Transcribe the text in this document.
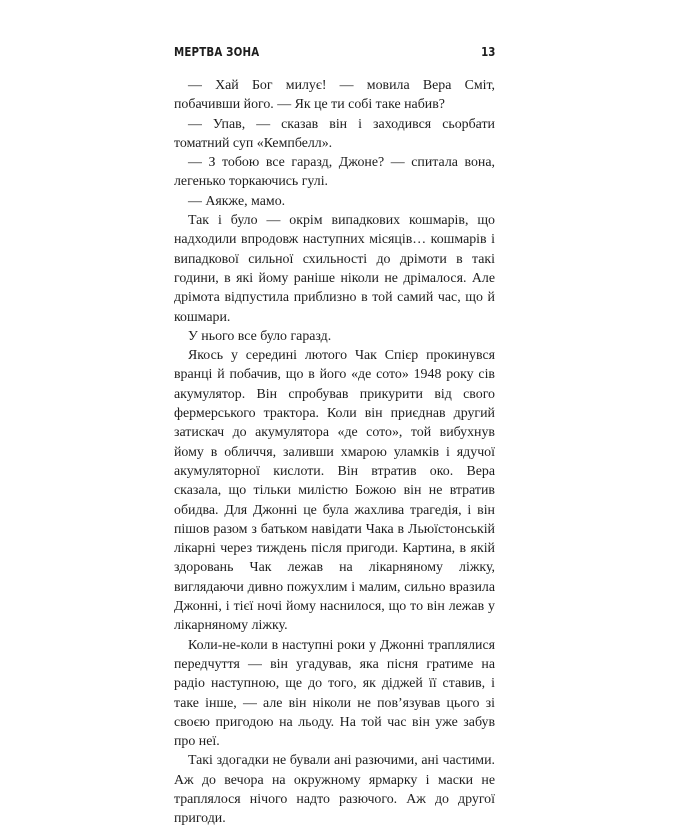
МЕРТВА ЗОНА	13

— Хай Бог милує! — мовила Вера Сміт, побачивши його. — Як це ти собі таке набив?

— Упав, — сказав він і заходився сьорбати томатний суп «Кемпбелл».

— З тобою все гаразд, Джоне? — спитала вона, легенько торкаючись гулі.

— Аякже, мамо.

Так і було — окрім випадкових кошмарів, що надходили впродовж наступних місяців… кошмарів і випадкової сильної схильності до дрімоти в такі години, в які йому раніше ніколи не дрімалося. Але дрімота відпустила приблизно в той самий час, що й кошмари.

У нього все було гаразд.

Якось у середині лютого Чак Спієр прокинувся вранці й побачив, що в його «де сото» 1948 року сів акумулятор. Він спробував прикурити від свого фермерського трактора. Коли він приєднав другий затискач до акумулятора «де сото», той вибухнув йому в обличчя, заливши хмарою уламків і ядучої акумуляторної кислоти. Він втратив око. Вера сказала, що тільки милістю Божою він не втратив обидва. Для Джонні це була жахлива трагедія, і він пішов разом з батьком навідати Чака в Льюїстонській лікарні через тиждень після пригоди. Картина, в якій здоровань Чак лежав на лікарняному ліжку, виглядаючи дивно пожухлим і малим, сильно вразила Джонні, і тієї ночі йому наснилося, що то він лежав у лікарняному ліжку.

Коли-не-коли в наступні роки у Джонні траплялися передчуття — він угадував, яка пісня гратиме на радіо наступною, ще до того, як діджей її ставив, і таке інше, — але він ніколи не пов’язував цього зі своєю пригодою на льоду. На той час він уже забув про неї.

Такі здогадки не бували ані разючими, ані частими. Аж до вечора на окружному ярмарку і маски не траплялося нічого надто разючого. Аж до другої пригоди.
